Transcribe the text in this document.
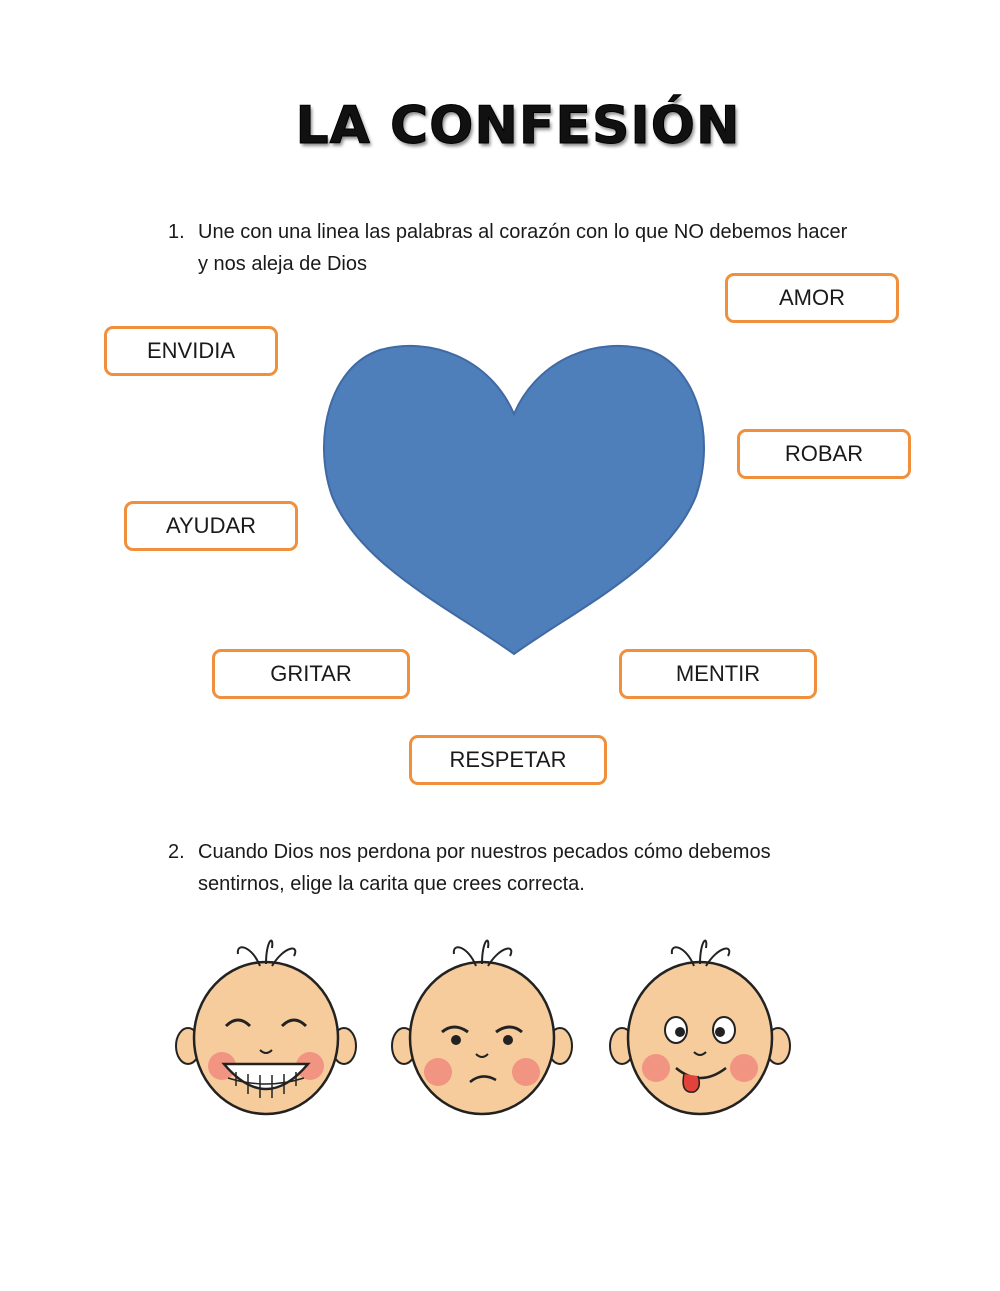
LA CONFESIÓN
1. Une con una linea las palabras al corazón con lo que NO debemos hacer y nos aleja de Dios
AMOR
ENVIDIA
ROBAR
AYUDAR
GRITAR	MENTIR
RESPETAR
2. Cuando Dios nos perdona por nuestros pecados cómo debemos sentirnos, elige la carita que crees correcta.
